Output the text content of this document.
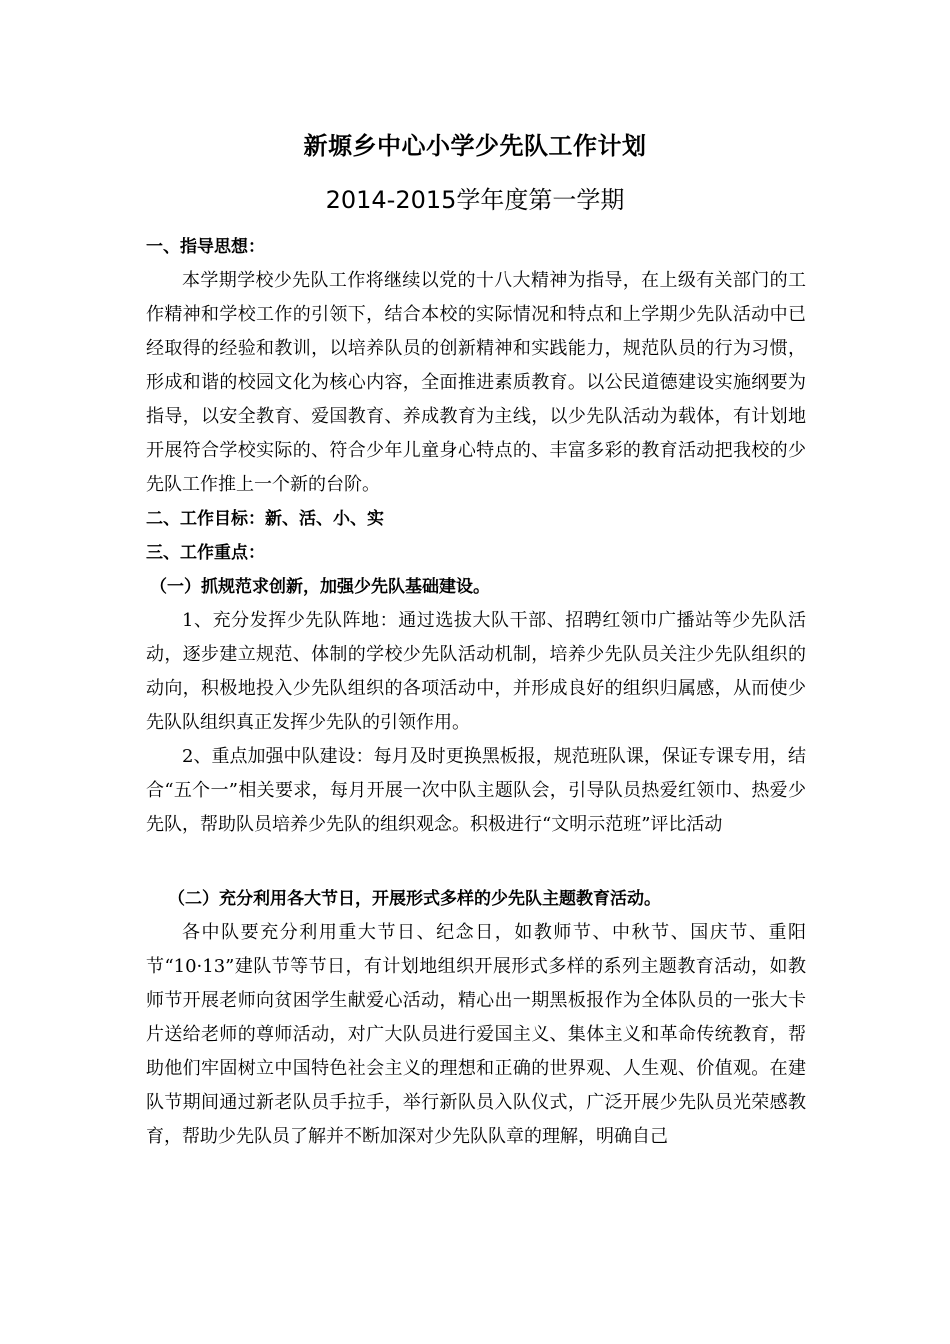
新塬乡中心小学少先队工作计划
2014-2015学年度第一学期
一、指导思想：

本学期学校少先队工作将继续以党的十八大精神为指导，在上级有关部门的工作精神和学校工作的引领下，结合本校的实际情况和特点和上学期少先队活动中已经取得的经验和教训，以培养队员的创新精神和实践能力，规范队员的行为习惯，形成和谐的校园文化为核心内容，全面推进素质教育。以公民道德建设实施纲要为指导，以安全教育、爱国教育、养成教育为主线，以少先队活动为载体，有计划地开展符合学校实际的、符合少年儿童身心特点的、丰富多彩的教育活动把我校的少先队工作推上一个新的台阶。

二、工作目标：新、活、小、实
三、工作重点：
（一）抓规范求创新，加强少先队基础建设。

1、充分发挥少先队阵地：通过选拔大队干部、招聘红领巾广播站等少先队活动，逐步建立规范、体制的学校少先队活动机制，培养少先队员关注少先队组织的动向，积极地投入少先队组织的各项活动中，并形成良好的组织归属感，从而使少先队队组织真正发挥少先队的引领作用。

2、重点加强中队建设：每月及时更换黑板报，规范班队课，保证专课专用，结合“五个一”相关要求，每月开展一次中队主题队会，引导队员热爱红领巾、热爱少先队，帮助队员培养少先队的组织观念。积极进行“文明示范班”评比活动

（二）充分利用各大节日，开展形式多样的少先队主题教育活动。

各中队要充分利用重大节日、纪念日，如教师节、中秋节、国庆节、重阳节“10·13”建队节等节日，有计划地组织开展形式多样的系列主题教育活动，如教师节开展老师向贫困学生献爱心活动，精心出一期黑板报作为全体队员的一张大卡片送给老师的尊师活动，对广大队员进行爱国主义、集体主义和革命传统教育，帮助他们牢固树立中国特色社会主义的理想和正确的世界观、人生观、价值观。在建队节期间通过新老队员手拉手，举行新队员入队仪式，广泛开展少先队员光荣感教育，帮助少先队员了解并不断加深对少先队队章的理解，明确自己
